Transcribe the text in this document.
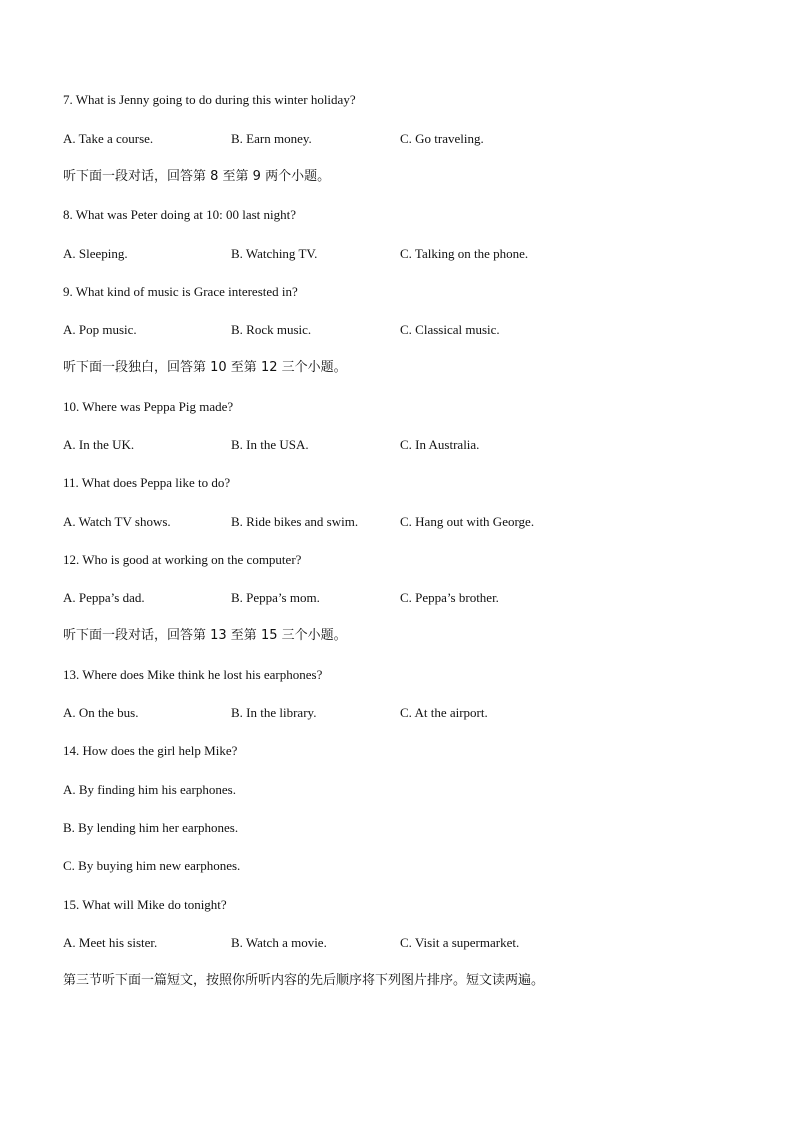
7. What is Jenny going to do during this winter holiday?
A. Take a course.	B. Earn money.	C. Go traveling.
听下面一段对话，回答第 8 至第 9 两个小题。
8. What was Peter doing at 10: 00 last night?
A. Sleeping.	B. Watching TV.	C. Talking on the phone.
9. What kind of music is Grace interested in?
A. Pop music.	B. Rock music.	C. Classical music.
听下面一段独白，回答第 10 至第 12 三个小题。
10. Where was Peppa Pig made?
A. In the UK.	B. In the USA.	C. In Australia.
11. What does Peppa like to do?
A. Watch TV shows.	B. Ride bikes and swim.	C. Hang out with George.
12. Who is good at working on the computer?
A. Peppa’s dad.	B. Peppa’s mom.	C. Peppa’s brother.
听下面一段对话，回答第 13 至第 15 三个小题。
13. Where does Mike think he lost his earphones?
A. On the bus.	B. In the library.	C. At the airport.
14. How does the girl help Mike?
A. By finding him his earphones.
B. By lending him her earphones.
C. By buying him new earphones.
15. What will Mike do tonight?
A. Meet his sister.	B. Watch a movie.	C. Visit a supermarket.
第三节听下面一篇短文，按照你所听内容的先后顺序将下列图片排序。短文读两遍。
